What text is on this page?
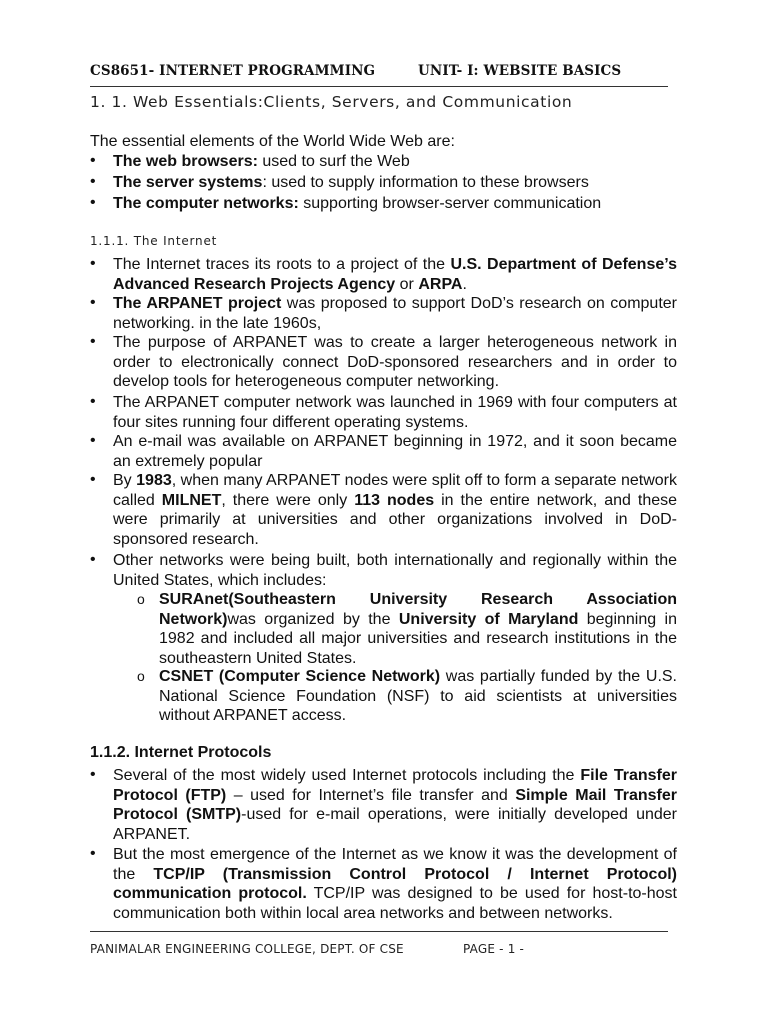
CS8651- INTERNET PROGRAMMING	UNIT- I: WEBSITE BASICS
1. 1. Web Essentials:Clients, Servers, and Communication
The essential elements of the World Wide Web are:
• The web browsers: used to surf the Web
• The server systems: used to supply information to these browsers
• The computer networks: supporting browser-server communication
1.1.1. The Internet
• The Internet traces its roots to a project of the U.S. Department of Defense’s Advanced Research Projects Agency or ARPA.
• The ARPANET project was proposed to support DoD’s research on computer networking. in the late 1960s,
• The purpose of ARPANET was to create a larger heterogeneous network in order to electronically connect DoD-sponsored researchers and in order to develop tools for heterogeneous computer networking.
• The ARPANET computer network was launched in 1969 with four computers at four sites running four different operating systems.
• An e-mail was available on ARPANET beginning in 1972, and it soon became an extremely popular
• By 1983, when many ARPANET nodes were split off to form a separate network called MILNET, there were only 113 nodes in the entire network, and these were primarily at universities and other organizations involved in DoD-sponsored research.
• Other networks were being built, both internationally and regionally within the United States, which includes:
o SURAnet(Southeastern University Research Association Network)was organized by the University of Maryland beginning in 1982 and included all major universities and research institutions in the southeastern United States.
o CSNET (Computer Science Network) was partially funded by the U.S. National Science Foundation (NSF) to aid scientists at universities without ARPANET access.
1.1.2. Internet Protocols
• Several of the most widely used Internet protocols including the File Transfer Protocol (FTP) – used for Internet’s file transfer and Simple Mail Transfer Protocol (SMTP)-used for e-mail operations, were initially developed under ARPANET.
• But the most emergence of the Internet as we know it was the development of the TCP/IP (Transmission Control Protocol / Internet Protocol) communication protocol. TCP/IP was designed to be used for host-to-host communication both within local area networks and between networks.
PANIMALAR ENGINEERING COLLEGE, DEPT. OF CSE	PAGE - 1 -
